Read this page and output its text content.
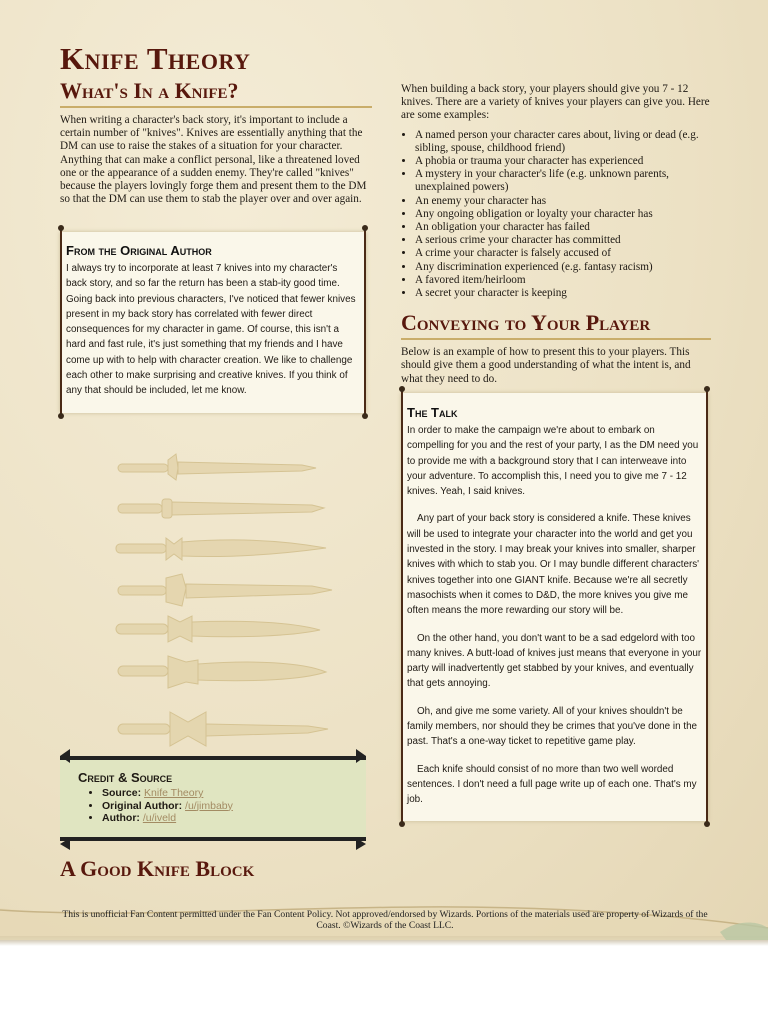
Knife Theory
What's In a Knife?

When writing a character's back story, it's important to include a certain number of "knives". Knives are essentially anything that the DM can use to raise the stakes of a situation for your character. Anything that can make a conflict personal, like a threatened loved one or the appearance of a sudden enemy. They're called "knives" because the players lovingly forge them and present them to the DM so that the DM can use them to stab the player over and over again.

From the Original Author

I always try to incorporate at least 7 knives into my character's back story, and so far the return has been a stab-ity good time. Going back into previous characters, I've noticed that fewer knives present in my back story has correlated with fewer direct consequences for my character in game. Of course, this isn't a hard and fast rule, it's just something that my friends and I have come up with to help with character creation. We like to challenge each other to make surprising and creative knives. If you think of any that should be included, let me know.

Credit & Source
• Source: Knife Theory
• Original Author: /u/jimbaby
• Author: /u/iveld
A Good Knife Block

When building a back story, your players should give you 7 - 12 knives. There are a variety of knives your players can give you. Here are some examples:

• A named person your character cares about, living or dead (e.g. sibling, spouse, childhood friend)
• A phobia or trauma your character has experienced
• A mystery in your character's life (e.g. unknown parents, unexplained powers)
• An enemy your character has
• Any ongoing obligation or loyalty your character has
• An obligation your character has failed
• A serious crime your character has committed
• A crime your character is falsely accused of
• Any discrimination experienced (e.g. fantasy racism)
• A favored item/heirloom
• A secret your character is keeping
Conveying to Your Player

Below is an example of how to present this to your players. This should give them a good understanding of what the intent is, and what they need to do.

The Talk

In order to make the campaign we're about to embark on compelling for you and the rest of your party, I as the DM need you to provide me with a background story that I can interweave into your adventure. To accomplish this, I need you to give me 7 - 12 knives. Yeah, I said knives.

Any part of your back story is considered a knife. These knives will be used to integrate your character into the world and get you invested in the story. I may break your knives into smaller, sharper knives with which to stab you. Or I may bundle different characters' knives together into one GIANT knife. Because we're all secretly masochists when it comes to D&D, the more knives you give me often means the more rewarding our story will be.

On the other hand, you don't want to be a sad edgelord with too many knives. A butt-load of knives just means that everyone in your party will inadvertently get stabbed by your knives, and eventually that gets annoying.

Oh, and give me some variety. All of your knives shouldn't be family members, nor should they be crimes that you've done in the past. That's a one-way ticket to repetitive game play.

Each knife should consist of no more than two well worded sentences. I don't need a full page write up of each one. That's my job.

This is unofficial Fan Content permitted under the Fan Content Policy. Not approved/endorsed by Wizards. Portions of the materials used are property of Wizards of the Coast. ©Wizards of the Coast LLC.
